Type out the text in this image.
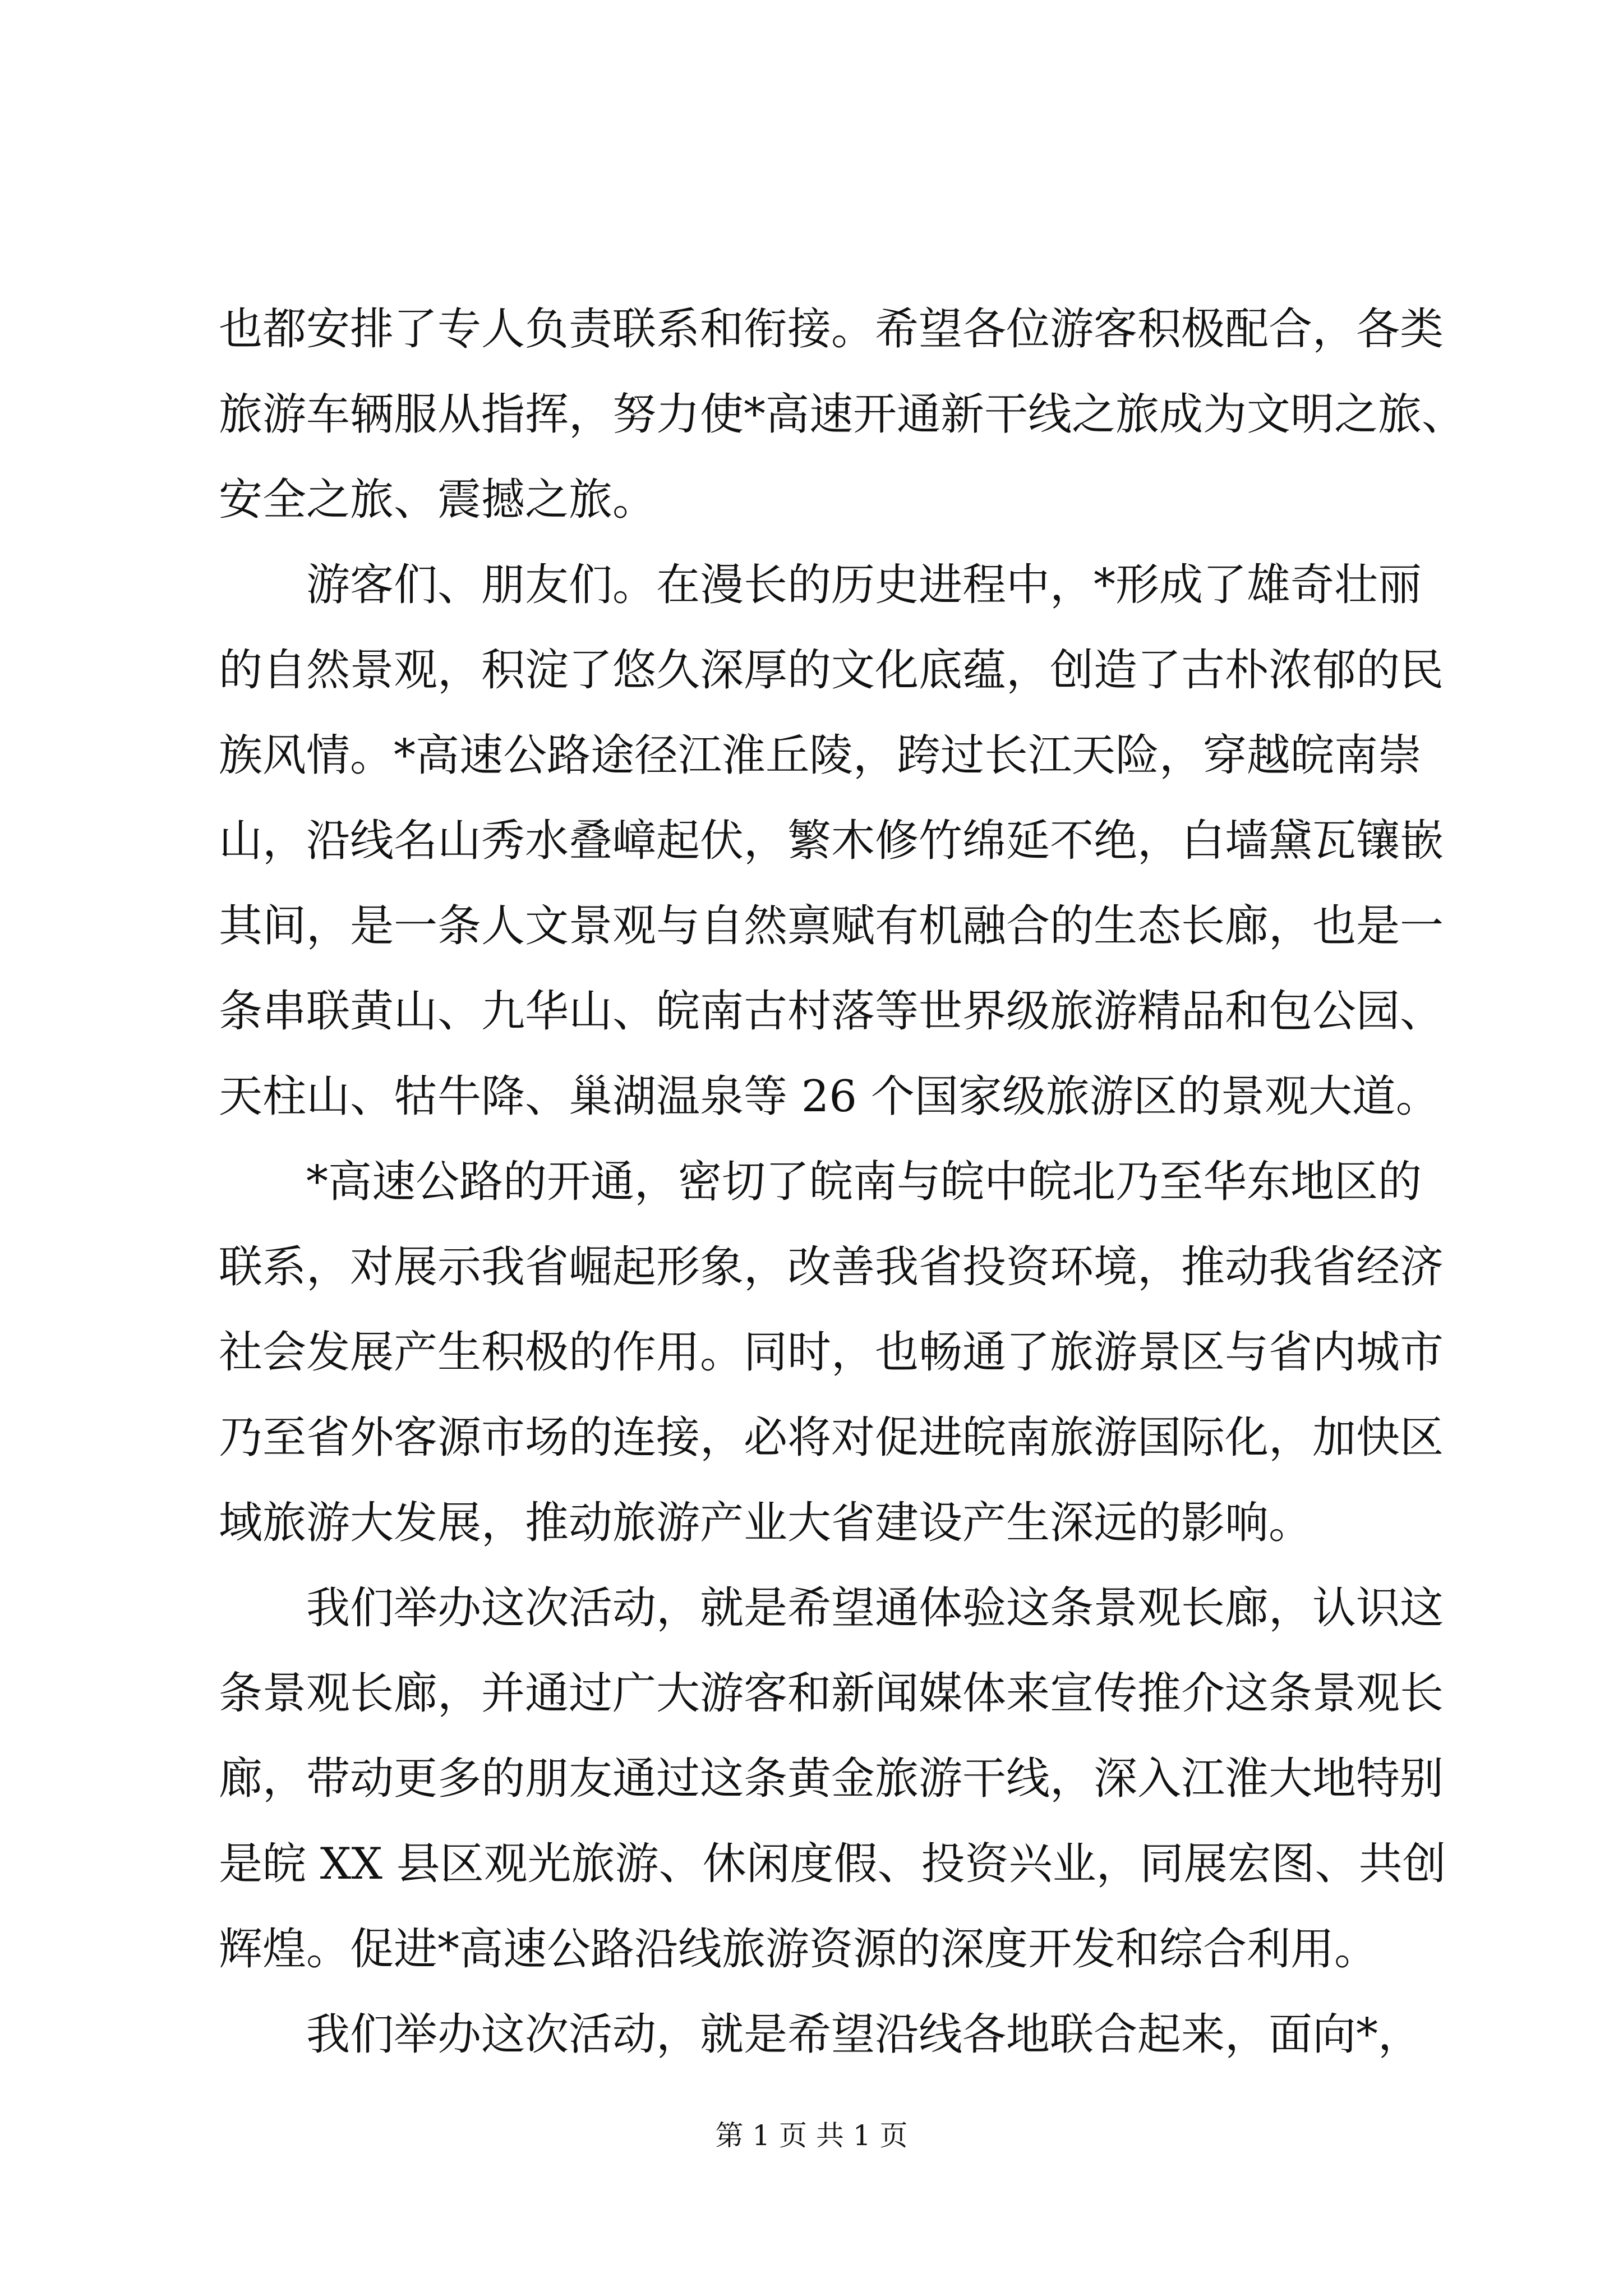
也都安排了专人负责联系和衔接。希望各位游客积极配合，各类
旅游车辆服从指挥，努力使*高速开通新干线之旅成为文明之旅、
安全之旅、震撼之旅。
游客们、朋友们。在漫长的历史进程中，*形成了雄奇壮丽
的自然景观，积淀了悠久深厚的文化底蕴，创造了古朴浓郁的民
族风情。*高速公路途径江淮丘陵，跨过长江天险，穿越皖南崇
山，沿线名山秀水叠嶂起伏，繁木修竹绵延不绝，白墙黛瓦镶嵌
其间，是一条人文景观与自然禀赋有机融合的生态长廊，也是一
条串联黄山、九华山、皖南古村落等世界级旅游精品和包公园、
天柱山、牯牛降、巢湖温泉等 26 个国家级旅游区的景观大道。
*高速公路的开通，密切了皖南与皖中皖北乃至华东地区的
联系，对展示我省崛起形象，改善我省投资环境，推动我省经济
社会发展产生积极的作用。同时，也畅通了旅游景区与省内城市
乃至省外客源市场的连接，必将对促进皖南旅游国际化，加快区
域旅游大发展，推动旅游产业大省建设产生深远的影响。
我们举办这次活动，就是希望通体验这条景观长廊，认识这
条景观长廊，并通过广大游客和新闻媒体来宣传推介这条景观长
廊，带动更多的朋友通过这条黄金旅游干线，深入江淮大地特别
是皖 XX 县区观光旅游、休闲度假、投资兴业，同展宏图、共创
辉煌。促进*高速公路沿线旅游资源的深度开发和综合利用。
我们举办这次活动，就是希望沿线各地联合起来，面向*，
第 1 页 共 1 页
